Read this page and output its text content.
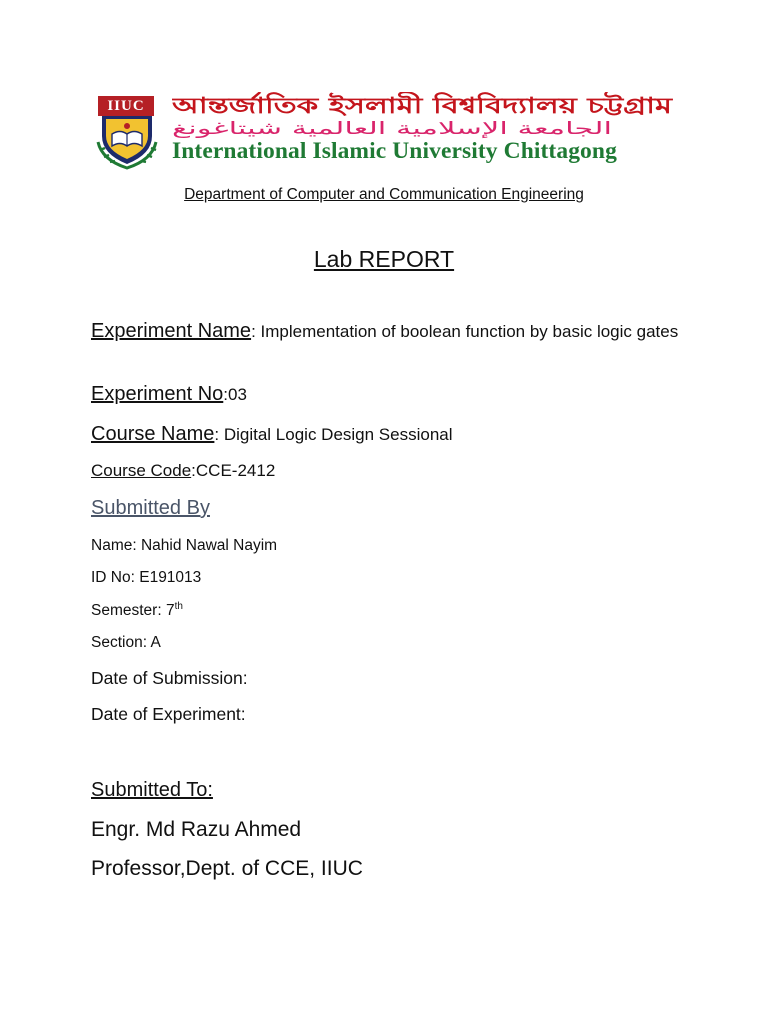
IIUC	আন্তর্জাতিক ইসলামী বিশ্ববিদ্যালয় চট্টগ্রাম
الجامعة الإسلامية العالمية شيتاغونغ
International Islamic University Chittagong
Department of Computer and Communication Engineering
Lab REPORT
Experiment Name: Implementation of boolean function by basic logic gates
Experiment No:03
Course Name: Digital Logic Design Sessional
Course Code:CCE-2412
Submitted By
Name: Nahid Nawal Nayim
ID No: E191013
Semester: 7th
Section: A
Date of Submission:
Date of Experiment:
Submitted To:
Engr. Md Razu Ahmed
Professor,Dept. of CCE, IIUC
